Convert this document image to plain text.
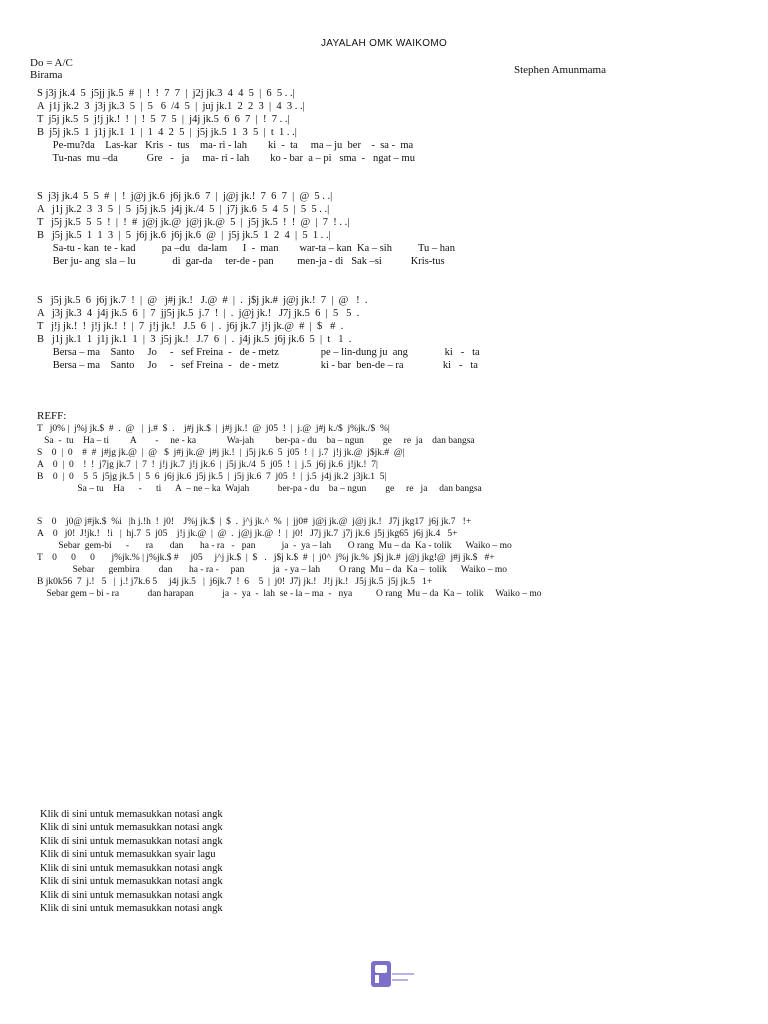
JAYALAH OMK WAIKOMO
Do = A/C
Birama	Stephen Amunmama
S j3j jk.4  5  j5jj jk.5  #  |  !  !  7  7  |  j2j jk.3  4  4  5  |  6  5 . .|
A  j1j jk.2  3  j3j jk.3  5  |  5   6  /4  5  |  juj jk.1  2  2  3  |  4  3 . .|
T  j5j jk.5  5  j!j jk.!  !  |  !  5  7  5  |  j4j jk.5  6  6  7  |  !  7 . .|
B  j5j jk.5  1  j1j jk.1  1  |  1  4  2  5  |  j5j jk.5  1  3  5  |  t  1 . .|
Pe-mu?da    Las-kar   Kris  -  tus    ma- ri - lah        ki  -  ta     ma – ju  ber    -  sa -  ma
Tu-nas  mu –da           Gre   -   ja     ma- ri - lah        ko - bar  a – pi   sma  -   ngat – mu
S  j3j jk.4  5  5  #  |  !  j@j jk.6  j6j jk.6  7  |  j@j jk.!  7  6  7  |  @  5 . .|
A   j1j jk.2  3  3  5  |  5  j5j jk.5  j4j jk./4  5  |  j7j jk.6  5  4  5  |  5  5 . .|
T   j5j jk.5  5  5  !  |  !  #  j@j jk.@  j@j jk.@  5  |  j5j jk.5  !  !  @  |  7  ! . .|
B   j5j jk.5  1  1  3  |  5  j6j jk.6  j6j jk.6  @  |  j5j jk.5  1  2  4  |  5  1 . .|
Sa-tu - kan  te - kad          pa –du   da-lam      I  -  man        war-ta – kan  Ka – sih          Tu – han
Ber ju- ang  sla – lu              di  gar-da     ter-de - pan         men-ja - di   Sak –si           Kris-tus
S   j5j jk.5  6  j6j jk.7  !  |  @   j#j jk.!   J.@  #  |  .  j$j jk.#  j@j jk.!  7  |  @   !  .
A   j3j jk.3  4  j4j jk.5  6  |  7  jj5j jk.5  j.7  !  |  .  j@j jk.!   J7j jk.5  6  |  5   5  .
T   j!j jk.!  !  j!j jk.!  !  |  7  j!j jk.!   J.5  6  |  .  j6j jk.7  j!j jk.@  #  |  $   #  .
B   j1j jk.1  1  j1j jk.1  1  |  3  j5j jk.!   J.7  6  |  .  j4j jk.5  j6j jk.6  5  |  t   1  .
Bersa – ma    Santo     Jo     -   sef Freina  -   de - metz                pe – lin-dung ju  ang              ki   -   ta
Bersa – ma    Santo     Jo     -   sef Freina  -   de - metz                ki - bar  ben-de – ra               ki   -   ta
REFF:
T   j0% |  j%j jk.$  #  .  @   |  j.#  $  .    j#j jk.$  |  j#j jk.!  @  j05  !  |  j.@  j#j k./$  j%jk./$  %|
Sa  -  tu    Ha – ti         A        -     ne - ka             Wa-jah         ber-pa - du    ba – ngun        ge     re  ja    dan bangsa
S    0  |  0    #  #  j#jg jk.@  |  @   $  j#j jk.@  j#j jk.!  |  j5j jk.6  5  j05  !  |  j.7  j!j jk.@  j$jk.#  @|
A    0  |  0    !  !  j7jg jk.7  |  7  !  j!j jk.7  j!j jk.6  |  j5j jk./4  5  j05  !  |  j.5  j6j jk.6  j!jk.!  7|
B    0  |  0    5  5  j5jg jk.5  |  5  6  j6j jk.6  j5j jk.5  |  j5j jk.6  7  j05  !  |  j.5  j4j jk.2  j3jk.1  5|
Sa – tu    Ha      -      ti      A  – ne – ka  Wajah            ber-pa - du    ba – ngun        ge     re   ja     dan bangsa
S    0    j0@ j#jk.$  %i   |h j.!h  !  j0!    J%j jk.$  |  $  .  j^j jk.^  %  |  jj0#  j@j jk.@  j@j jk.!   J7j jkg17  j6j jk.7   !+
A    0   j0!  J!jk.!   !i   |  hj.7  5  j05    j!j jk.@  |  @  .  j@j jk.@  !  |  j0!   J7j jk.7  j7j jk.6  j5j jkg65  j6j jk.4   5+
Sebar  gem-bi      -       ra       dan       ha - ra   -   pan           ja  -  ya – lah       O rang  Mu – da  Ka - tolik      Waiko – mo
T    0      0      0       j%jk.% | j%jk.$ #     j05     j^j jk.$  |  $   .   j$j k.$  #  |  j0^  j%j jk.%  j$j jk.#  j@j jkg!@  j#j jk.$   #+
Sebar      gembira        dan       ha - ra -     pan            ja  - ya – lah        O rang  Mu – da  Ka –  tolik      Waiko – mo
B jk0k56  7  j.!   5   |  j.! j7k.6 5     j4j jk.5   |  j6jk.7  !  6    5  |  j0!  J7j jk.!   J!j jk.!   J5j jk.5  j5j jk.5   1+
Sebar gem – bi - ra            dan harapan            ja  -  ya  -  lah  se - la – ma  -   nya          O rang  Mu – da  Ka –  tolik     Waiko – mo
Klik di sini untuk memasukkan notasi angk
Klik di sini untuk memasukkan notasi angk
Klik di sini untuk memasukkan notasi angk
Klik di sini untuk memasukkan syair lagu
Klik di sini untuk memasukkan notasi angk
Klik di sini untuk memasukkan notasi angk
Klik di sini untuk memasukkan notasi angk
Klik di sini untuk memasukkan notasi angk
